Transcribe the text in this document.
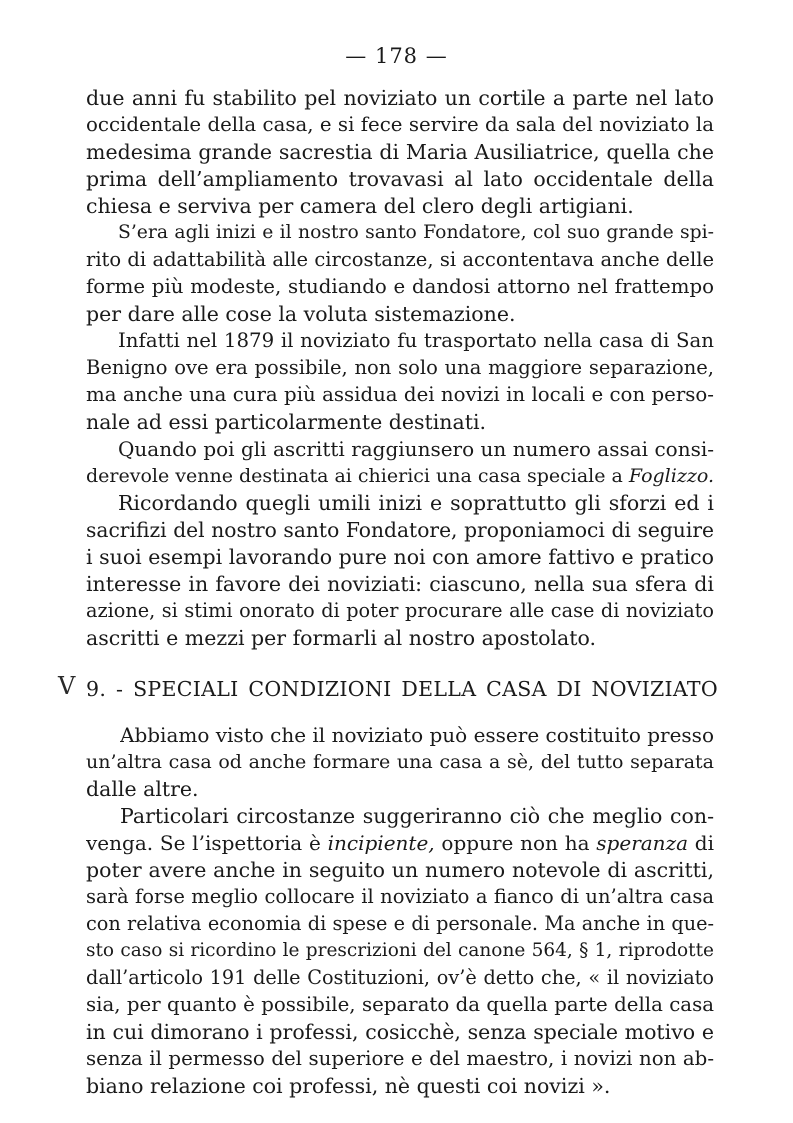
— 178 —
due anni fu stabilito pel noviziato un cortile a parte nel lato
occidentale della casa, e si fece servire da sala del noviziato la
medesima grande sacrestia di Maria Ausiliatrice, quella che
prima dell’ampliamento trovavasi al lato occidentale della
chiesa e serviva per camera del clero degli artigiani.
S’era agli inizi e il nostro santo Fondatore, col suo grande spi-
rito di adattabilità alle circostanze, si accontentava anche delle
forme più modeste, studiando e dandosi attorno nel frattempo
per dare alle cose la voluta sistemazione.
Infatti nel 1879 il noviziato fu trasportato nella casa di San
Benigno ove era possibile, non solo una maggiore separazione,
ma anche una cura più assidua dei novizi in locali e con perso-
nale ad essi particolarmente destinati.
Quando poi gli ascritti raggiunsero un numero assai consi-
derevole venne destinata ai chierici una casa speciale a Foglizzo.
Ricordando quegli umili inizi e soprattutto gli sforzi ed i
sacrifizi del nostro santo Fondatore, proponiamoci di seguire
i suoi esempi lavorando pure noi con amore fattivo e pratico
interesse in favore dei noviziati: ciascuno, nella sua sfera di
azione, si stimi onorato di poter procurare alle case di noviziato
ascritti e mezzi per formarli al nostro apostolato.
V 9. - SPECIALI CONDIZIONI DELLA CASA DI NOVIZIATO
Abbiamo visto che il noviziato può essere costituito presso
un’altra casa od anche formare una casa a sè, del tutto separata
dalle altre.
Particolari circostanze suggeriranno ciò che meglio con-
venga. Se l’ispettoria è incipiente, oppure non ha speranza di
poter avere anche in seguito un numero notevole di ascritti,
sarà forse meglio collocare il noviziato a fianco di un’altra casa
con relativa economia di spese e di personale. Ma anche in que-
sto caso si ricordino le prescrizioni del canone 564, § 1, riprodotte
dall’articolo 191 delle Costituzioni, ov’è detto che, « il noviziato
sia, per quanto è possibile, separato da quella parte della casa
in cui dimorano i professi, cosicchè, senza speciale motivo e
senza il permesso del superiore e del maestro, i novizi non ab-
biano relazione coi professi, nè questi coi novizi ».
